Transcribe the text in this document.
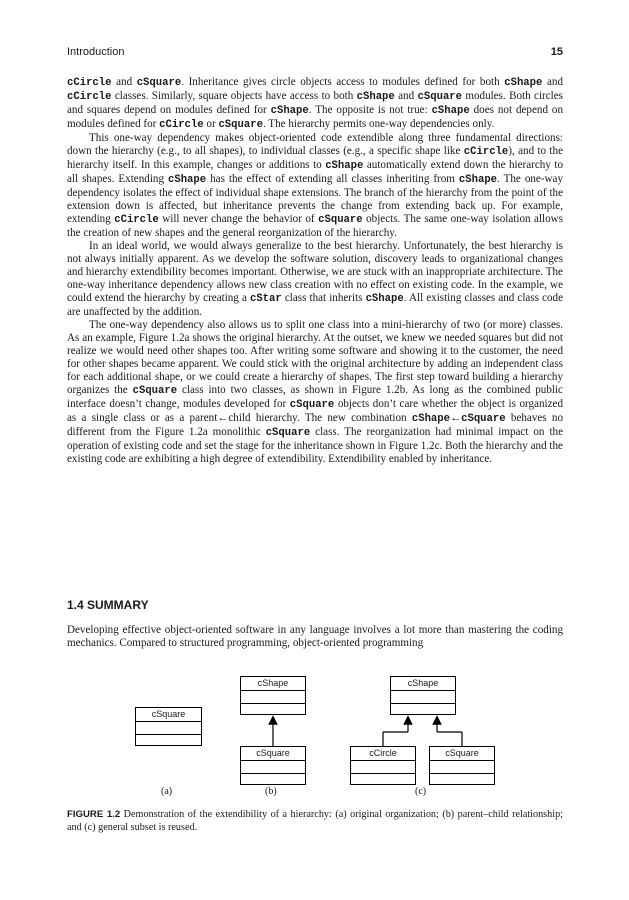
Introduction	15

cCircle and cSquare. Inheritance gives circle objects access to modules defined for both cShape and cCircle classes. Similarly, square objects have access to both cShape and cSquare modules. Both circles and squares depend on modules defined for cShape. The opposite is not true: cShape does not depend on modules defined for cCircle or cSquare. The hierarchy permits one-way dependencies only.

This one-way dependency makes object-oriented code extendible along three fundamental directions: down the hierarchy (e.g., to all shapes), to individual classes (e.g., a specific shape like cCircle), and to the hierarchy itself. In this example, changes or additions to cShape automatically extend down the hierarchy to all shapes. Extending cShape has the effect of extending all classes inheriting from cShape. The one-way dependency isolates the effect of individual shape extensions. The branch of the hierarchy from the point of the extension down is affected, but inheritance prevents the change from extending back up. For example, extending cCircle will never change the behavior of cSquare objects. The same one-way isolation allows the creation of new shapes and the general reorganization of the hierarchy.

In an ideal world, we would always generalize to the best hierarchy. Unfortunately, the best hierarchy is not always initially apparent. As we develop the software solution, discovery leads to organizational changes and hierarchy extendibility becomes important. Otherwise, we are stuck with an inappropriate architecture. The one-way inheritance dependency allows new class creation with no effect on existing code. In the example, we could extend the hierarchy by creating a cStar class that inherits cShape. All existing classes and class code are unaffected by the addition.

The one-way dependency also allows us to split one class into a mini-hierarchy of two (or more) classes. As an example, Figure 1.2a shows the original hierarchy. At the outset, we knew we needed squares but did not realize we would need other shapes too. After writing some software and showing it to the customer, the need for other shapes became apparent. We could stick with the original architecture by adding an independent class for each additional shape, or we could create a hierarchy of shapes. The first step toward building a hierarchy organizes the cSquare class into two classes, as shown in Figure 1.2b. As long as the combined public interface doesn’t change, modules developed for cSquare objects don’t care whether the object is organized as a single class or as a parent←child hierarchy. The new combination cShape←cSquare behaves no different from the Figure 1.2a monolithic cSquare class. The reorganization had minimal impact on the operation of existing code and set the stage for the inheritance shown in Figure 1.2c. Both the hierarchy and the existing code are exhibiting a high degree of extendibility. Extendibility enabled by inheritance.

1.4 SUMMARY

Developing effective object-oriented software in any language involves a lot more than mastering the coding mechanics. Compared to structured programming, object-oriented programming

cSquare
cShape
cSquare
cShape
cCircle	cSquare
(a)	(b)	(c)
FIGURE 1.2 Demonstration of the extendibility of a hierarchy: (a) original organization; (b) parent–child relationship; and (c) general subset is reused.
